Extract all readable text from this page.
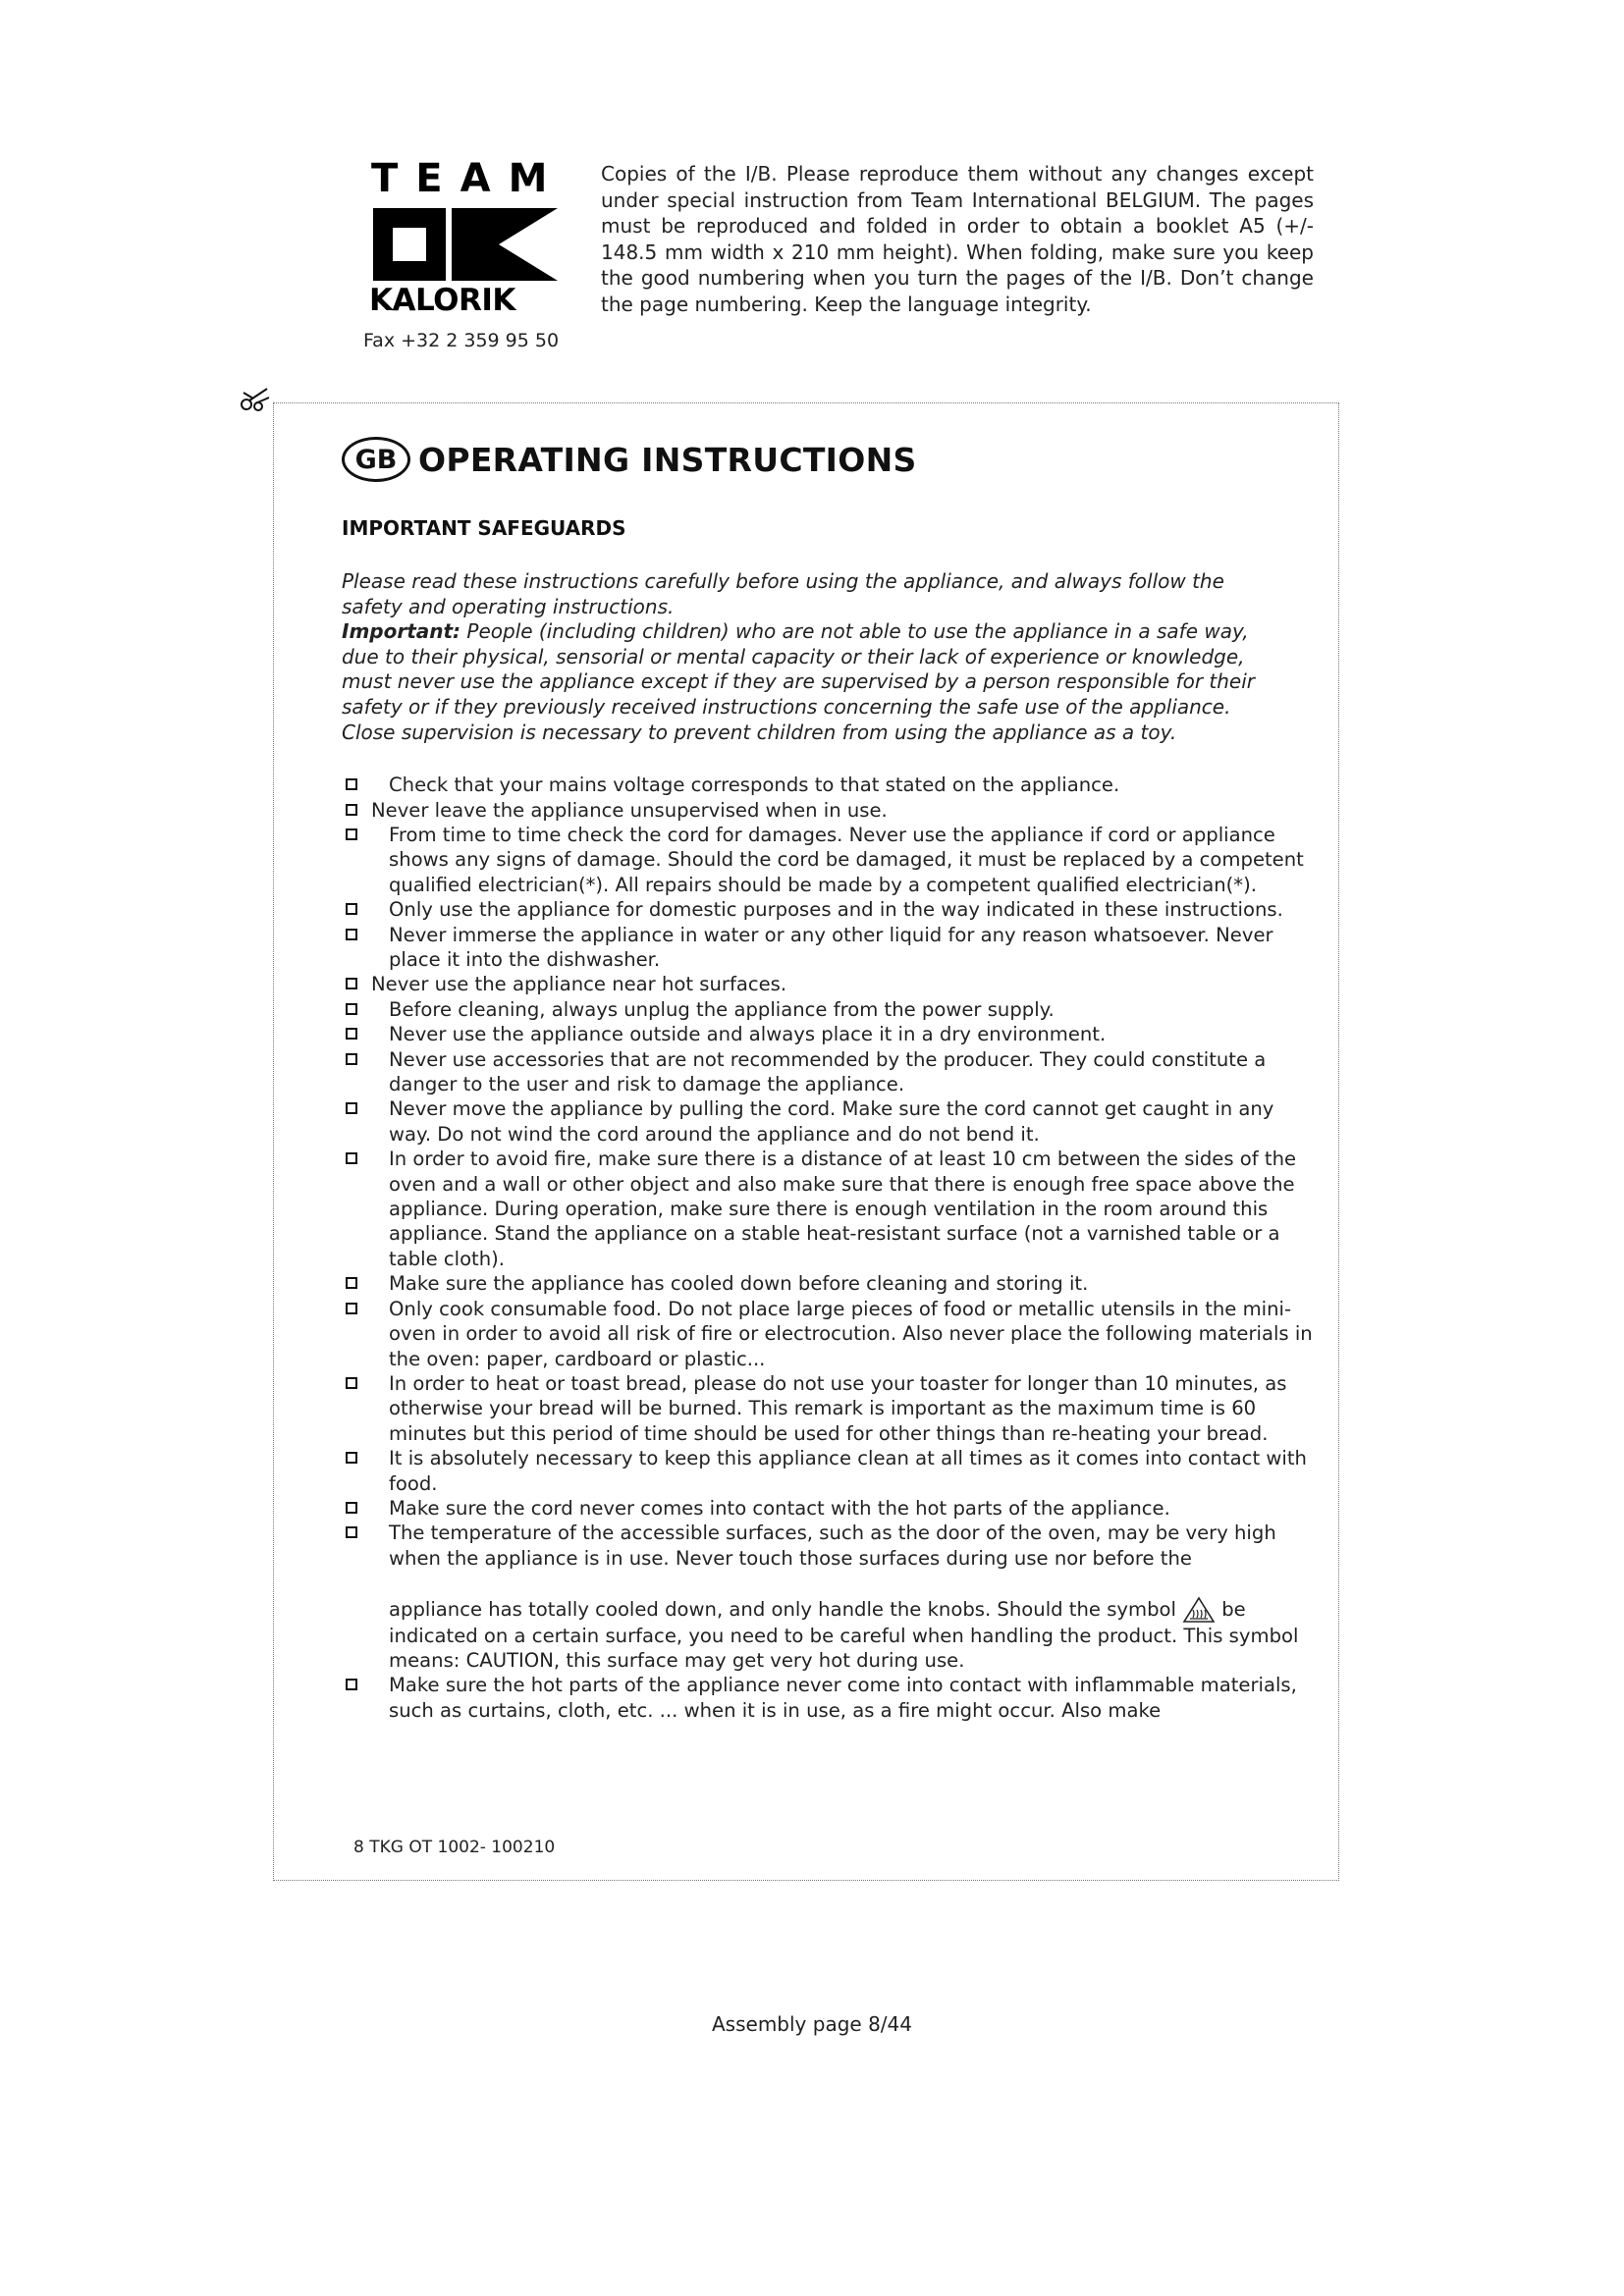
TEAM
KALORIK
Fax +32 2 359 95 50
Copies of the I/B. Please reproduce them without any changes except under special instruction from Team International BELGIUM. The pages must be reproduced and folded in order to obtain a booklet A5 (+/- 148.5 mm width x 210 mm height). When folding, make sure you keep the good numbering when you turn the pages of the I/B. Don’t change the page numbering. Keep the language integrity.
GB OPERATING INSTRUCTIONS
IMPORTANT SAFEGUARDS
Please read these instructions carefully before using the appliance, and always follow the safety and operating instructions.
Important: People (including children) who are not able to use the appliance in a safe way, due to their physical, sensorial or mental capacity or their lack of experience or knowledge, must never use the appliance except if they are supervised by a person responsible for their safety or if they previously received instructions concerning the safe use of the appliance. Close supervision is necessary to prevent children from using the appliance as a toy.
Check that your mains voltage corresponds to that stated on the appliance.
Never leave the appliance unsupervised when in use.
From time to time check the cord for damages. Never use the appliance if cord or appliance shows any signs of damage. Should the cord be damaged, it must be replaced by a competent qualified electrician(*). All repairs should be made by a competent qualified electrician(*).
Only use the appliance for domestic purposes and in the way indicated in these instructions.
Never immerse the appliance in water or any other liquid for any reason whatsoever. Never place it into the dishwasher.
Never use the appliance near hot surfaces.
Before cleaning, always unplug the appliance from the power supply.
Never use the appliance outside and always place it in a dry environment.
Never use accessories that are not recommended by the producer. They could constitute a danger to the user and risk to damage the appliance.
Never move the appliance by pulling the cord. Make sure the cord cannot get caught in any way. Do not wind the cord around the appliance and do not bend it.
In order to avoid fire, make sure there is a distance of at least 10 cm between the sides of the oven and a wall or other object and also make sure that there is enough free space above the appliance. During operation, make sure there is enough ventilation in the room around this appliance. Stand the appliance on a stable heat-resistant surface (not a varnished table or a table cloth).
Make sure the appliance has cooled down before cleaning and storing it.
Only cook consumable food. Do not place large pieces of food or metallic utensils in the mini-oven in order to avoid all risk of fire or electrocution. Also never place the following materials in the oven: paper, cardboard or plastic...
In order to heat or toast bread, please do not use your toaster for longer than 10 minutes, as otherwise your bread will be burned. This remark is important as the maximum time is 60 minutes but this period of time should be used for other things than re-heating your bread.
It is absolutely necessary to keep this appliance clean at all times as it comes into contact with food.
Make sure the cord never comes into contact with the hot parts of the appliance.
The temperature of the accessible surfaces, such as the door of the oven, may be very high when the appliance is in use. Never touch those surfaces during use nor before the

appliance has totally cooled down, and only handle the knobs. Should the symbol be indicated on a certain surface, you need to be careful when handling the product. This symbol means: CAUTION, this surface may get very hot during use.
Make sure the hot parts of the appliance never come into contact with inflammable materials, such as curtains, cloth, etc. ... when it is in use, as a fire might occur. Also make
8 TKG OT 1002- 100210
Assembly page 8/44
